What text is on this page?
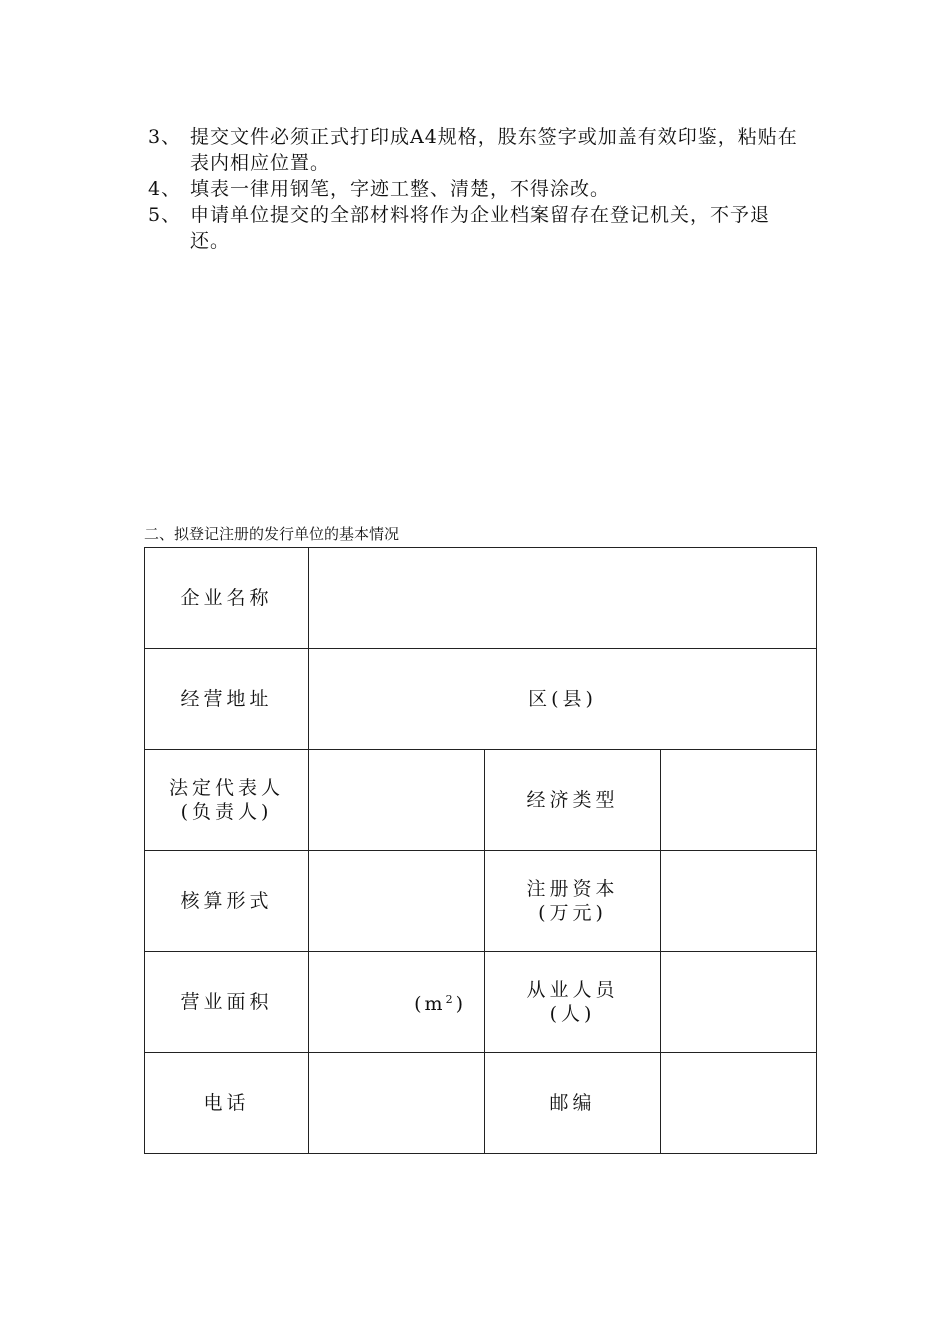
3、 提交文件必须正式打印成A4规格，股东签字或加盖有效印鉴，粘贴在表内相应位置。
4、 填表一律用钢笔，字迹工整、清楚，不得涂改。
5、 申请单位提交的全部材料将作为企业档案留存在登记机关，不予退还。
二、拟登记注册的发行单位的基本情况
企业名称			
经营地址	区(县)		

法定代表人
(负责人)		经济类型	
核算形式		注册资本
(万元)	

营业面积	$(m^2)$	从业人员
(人)	

电话		邮编	
